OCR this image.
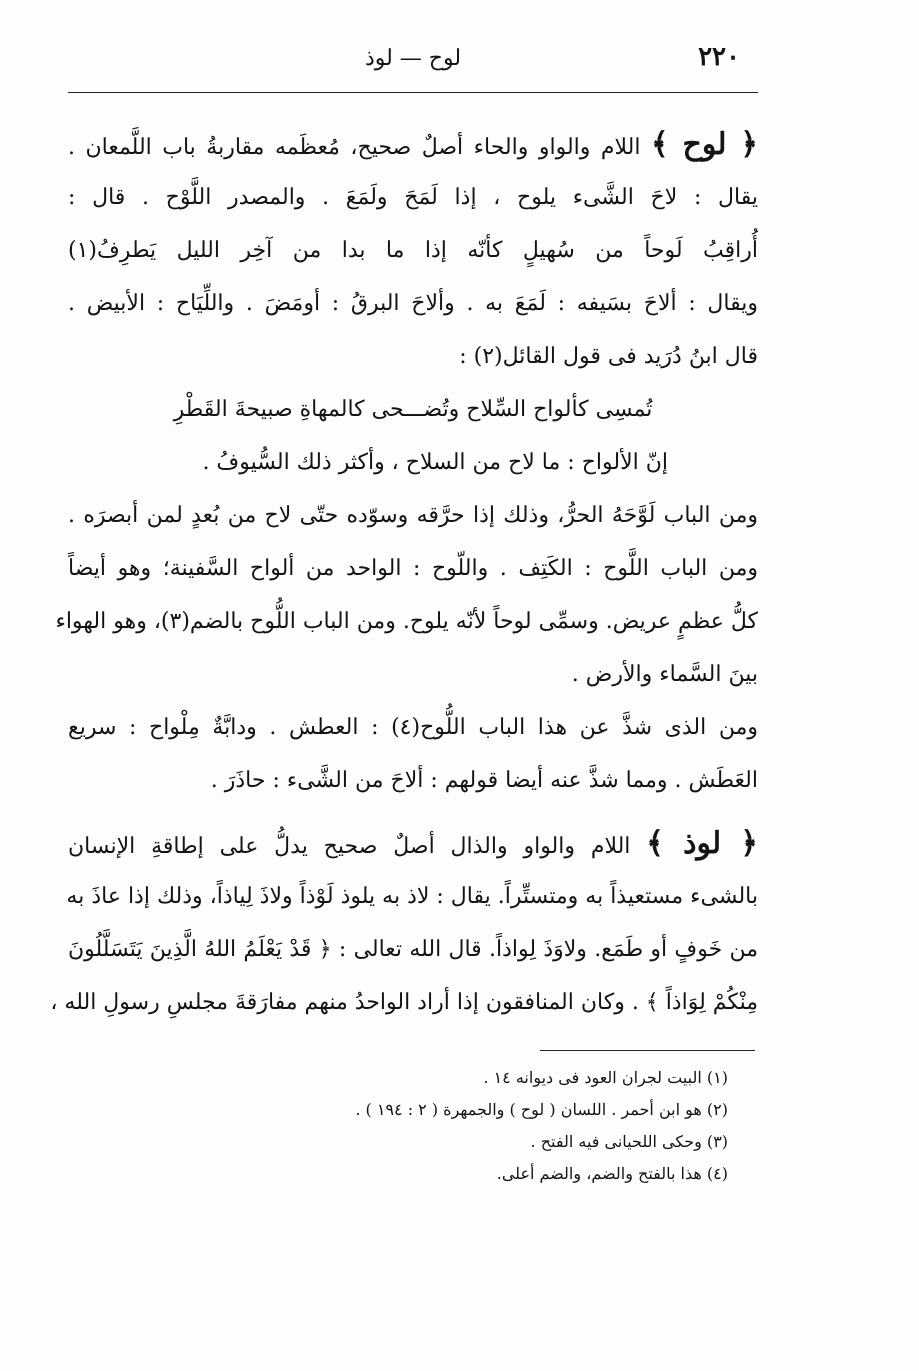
٢٢٠
لوح — لوذ
﴿ لوح ﴾ اللام والواو والحاء أصلٌ صحيح، مُعظَمه مقاربةُ باب اللَّمعان .
يقال : لاحَ الشَّىء يلوح ، إذا لَمَحَ ولَمَعَ . والمصدر اللَّوْح . قال :
أُراقِبُ لَوحاً من سُهيلٍ كأنّه إذا ما بدا من آخِر الليل يَطرِفُ(١)
ويقال : ألاحَ بسَيفه : لَمَعَ به . وألاحَ البرقُ : أومَضَ . واللِّيَاح : الأبيض .
قال ابنُ دُرَيد فى قول القائل(٢) :
تُمسِى كألواح السِّلاح وتُضـــحى كالمهاةِ صبيحةَ القَطْرِ
إنّ الألواح : ما لاح من السلاح ، وأكثر ذلك السُّيوفُ .
ومن الباب لَوَّحَهُ الحرُّ، وذلك إذا حرَّقه وسوّده حتّى لاح من بُعدٍ لمن أبصرَه .
ومن الباب اللَّوح : الكَتِف . واللّوح : الواحد من ألواح السَّفينة؛ وهو أيضاً
كلُّ عظمٍ عريض. وسمِّى لوحاً لأنّه يلوح. ومن الباب اللُّوح بالضم(٣)، وهو الهواء
بينَ السَّماء والأرض .
ومن الذى شذَّ عن هذا الباب اللُّوح(٤) : العطش . ودابَّةٌ مِلْواح : سريع
العَطَش . ومما شذَّ عنه أيضا قولهم : ألاحَ من الشَّىء : حاذَرَ .
﴿ لوذ ﴾ اللام والواو والذال أصلٌ صحيح يدلُّ على إطاقةِ الإنسان
بالشىء مستعيذاً به ومتستِّراً. يقال : لاذ به يلوذ لَوْذاً ولاذَ لِياذاً، وذلك إذا عاذَ به
من خَوفٍ أو طَمَع. ولاوَذَ لِواذاً. قال الله تعالى : ﴿ قَدْ يَعْلَمُ اللهُ الَّذِينَ يَتَسَلَّلُونَ
مِنْكُمْ لِوَاذاً ﴾ . وكان المنافقون إذا أراد الواحدُ منهم مفارَقةَ مجلسِ رسولِ الله ،
(١) البيت لجران العود فى ديوانه ١٤ .
(٢) هو ابن أحمر . اللسان ( لوح ) والجمهرة ( ٢ : ١٩٤ ) .
(٣) وحكى اللحيانى فيه الفتح .
(٤) هذا بالفتح والضم، والضم أعلى.
